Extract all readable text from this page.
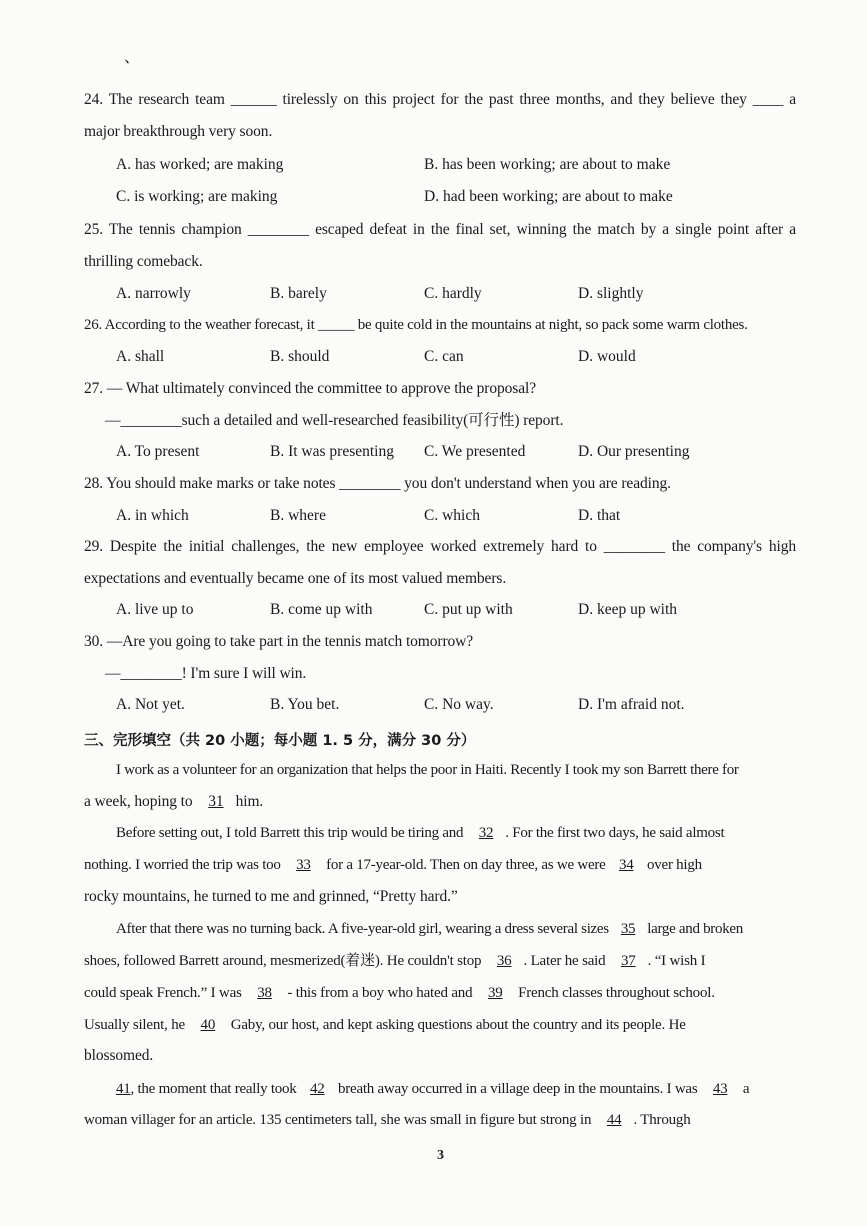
、
24. The research team ______ tirelessly on this project for the past three months, and they believe they ____ a
major breakthrough very soon.
A. has worked; are making	B. has been working; are about to make
C. is working; are making	D. had been working; are about to make
25. The tennis champion ________ escaped defeat in the final set, winning the match by a single point after a
thrilling comeback.
A. narrowly	B. barely	C. hardly	D. slightly
26. According to the weather forecast, it _____ be quite cold in the mountains at night, so pack some warm clothes.
A. shall	B. should	C. can	D. would
27. — What ultimately convinced the committee to approve the proposal?
—________such a detailed and well-researched feasibility(可行性) report.
A. To present	B. It was presenting C. We presented	D. Our presenting
28. You should make marks or take notes ________ you don't understand when you are reading.
A. in which	B. where	C. which	D. that
29. Despite the initial challenges, the new employee worked extremely hard to ________ the company's high
expectations and eventually became one of its most valued members.
A. live up to	B. come up with	C. put up with	D. keep up with
30. —Are you going to take part in the tennis match tomorrow?
—________! I'm sure I will win.
A. Not yet.	B. You bet.	C. No way.	D. I'm afraid not.
三、完形填空（共 20 小题；每小题 1. 5 分，满分 30 分）
I work as a volunteer for an organization that helps the poor in Haiti. Recently I took my son Barrett there for
a week, hoping to 31 him.
Before setting out, I told Barrett this trip would be tiring and 32 . For the first two days, he said almost
nothing. I worried the trip was too 33 for a 17-year-old. Then on day three, as we were 34 over high
rocky mountains, he turned to me and grinned, “Pretty hard.”
After that there was no turning back. A five-year-old girl, wearing a dress several sizes 35 large and broken
shoes, followed Barrett around, mesmerized(着迷). He couldn't stop 36 . Later he said 37 . “I wish I
could speak French.” I was 38 - this from a boy who hated and 39 French classes throughout school.
Usually silent, he 40 Gaby, our host, and kept asking questions about the country and its people. He
blossomed.
41, the moment that really took 42 breath away occurred in a village deep in the mountains. I was 43 a
woman villager for an article. 135 centimeters tall, she was small in figure but strong in 44 . Through
3
